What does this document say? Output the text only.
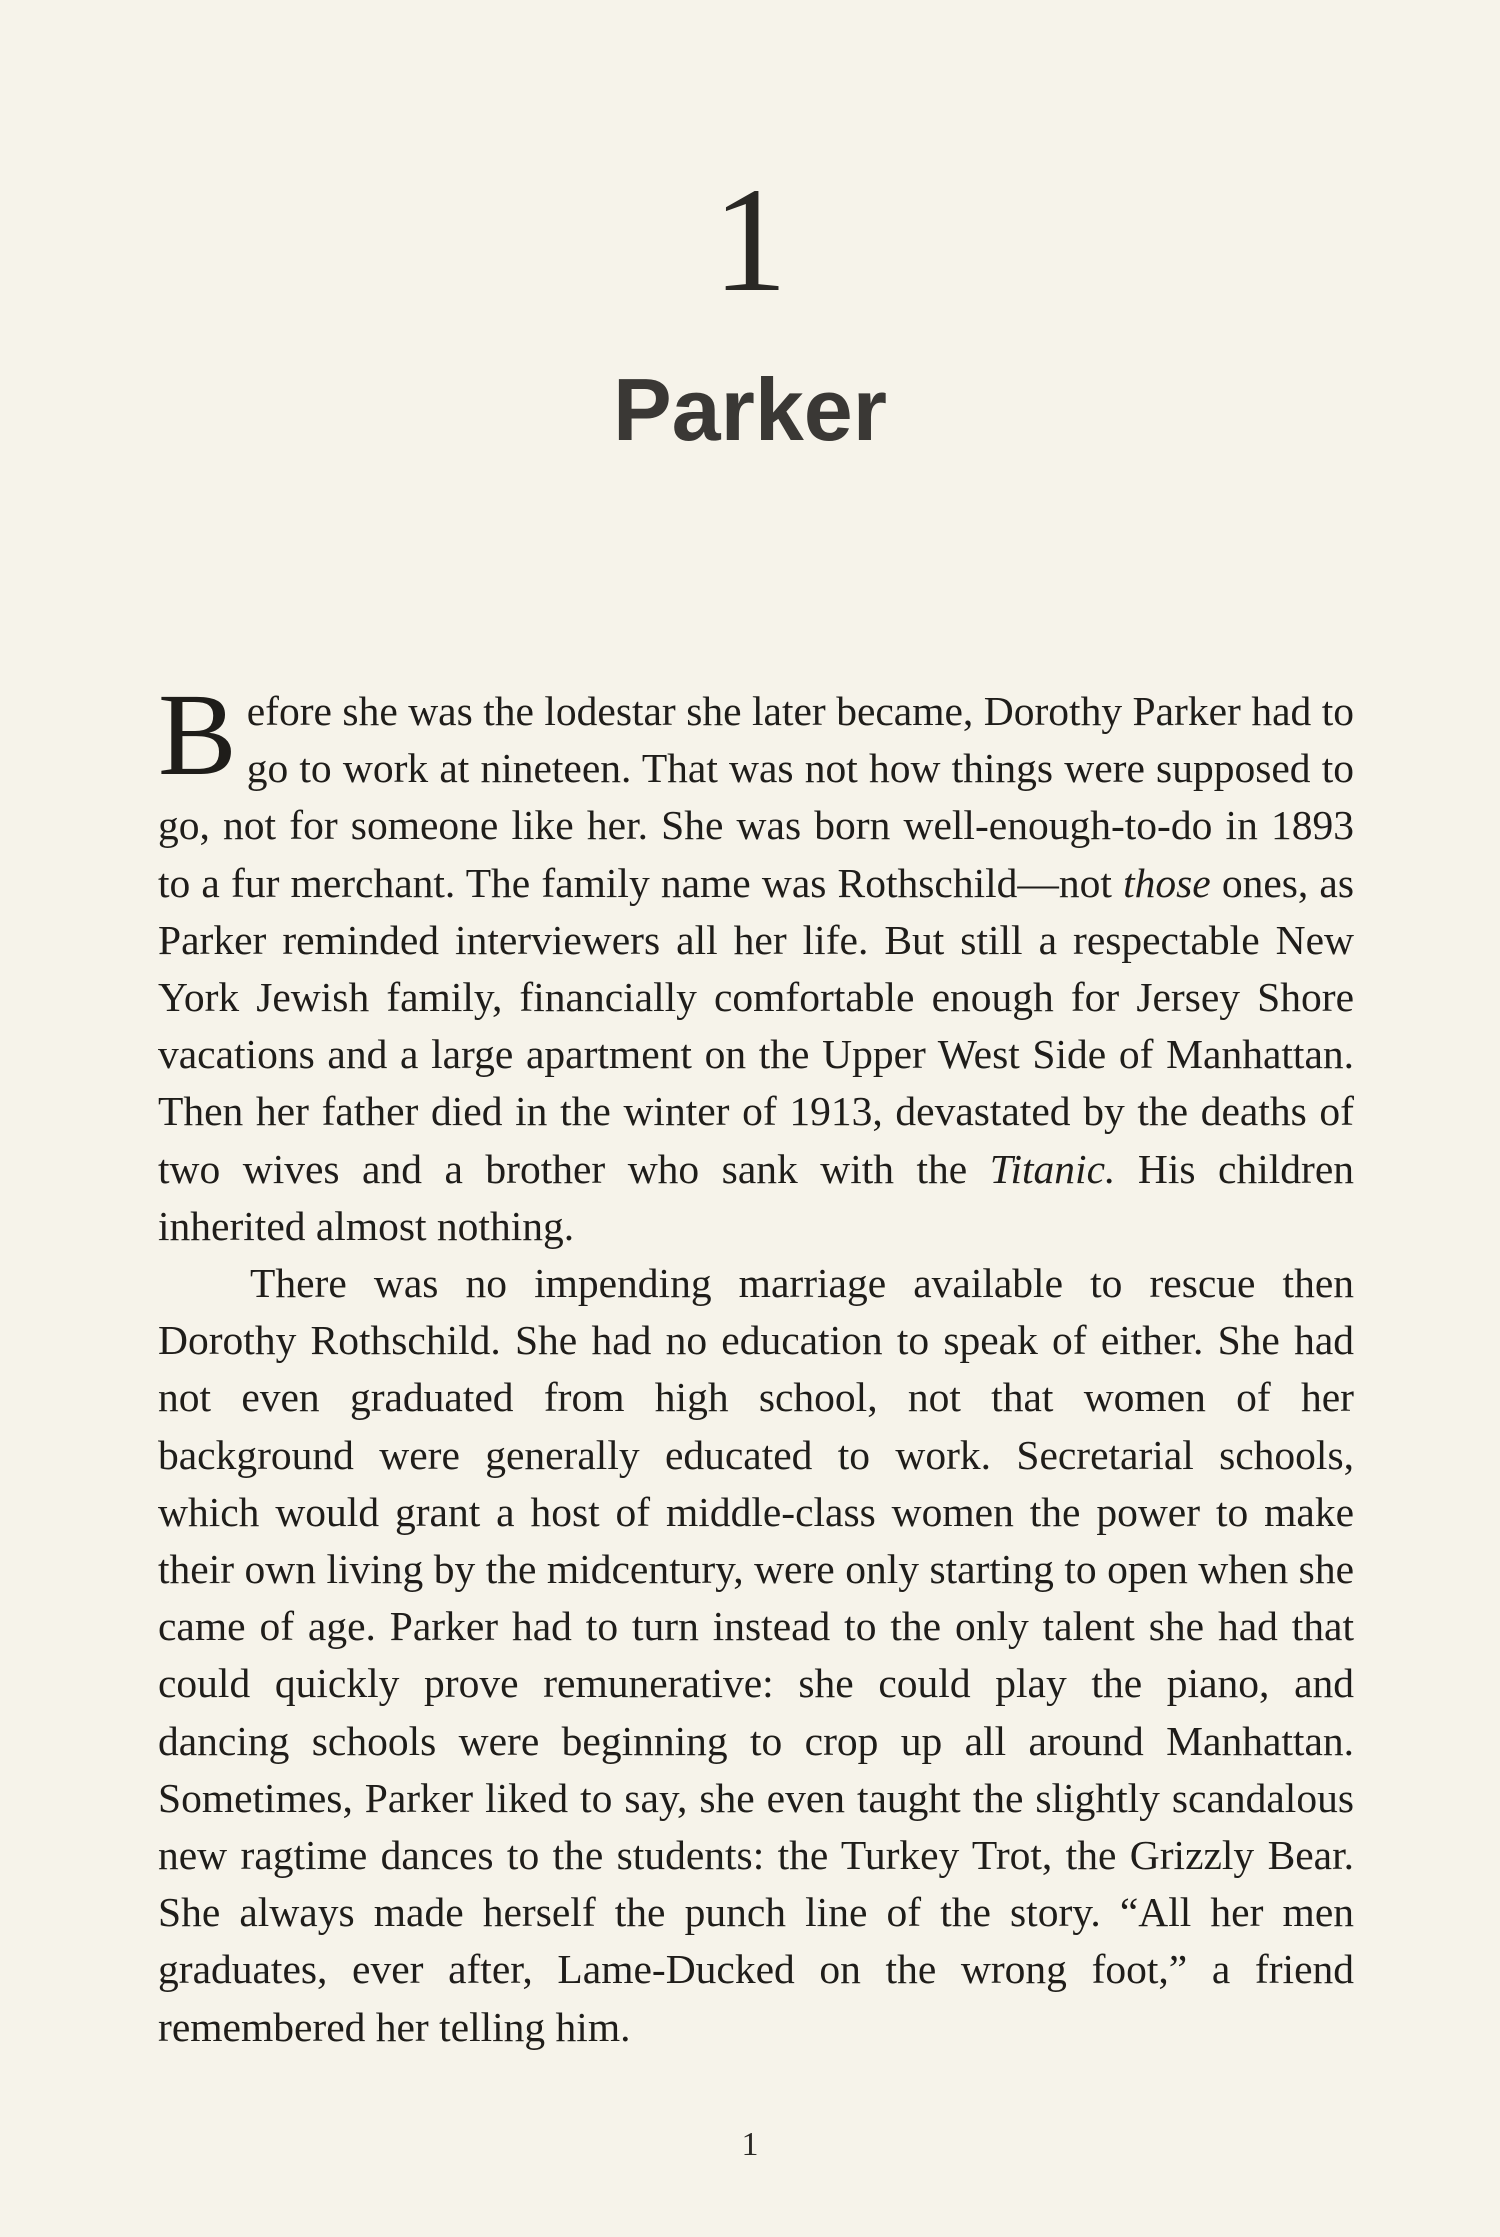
1
Parker

Before she was the lodestar she later became, Dorothy Parker had to go to work at nineteen. That was not how things were supposed to go, not for someone like her. She was born well-enough-to-do in 1893 to a fur merchant. The family name was Rothschild—not those ones, as Parker reminded interviewers all her life. But still a respectable New York Jewish family, financially comfortable enough for Jersey Shore vacations and a large apartment on the Upper West Side of Manhattan. Then her father died in the winter of 1913, devastated by the deaths of two wives and a brother who sank with the Titanic. His children inherited almost nothing.

There was no impending marriage available to rescue then Dorothy Rothschild. She had no education to speak of either. She had not even graduated from high school, not that women of her background were generally educated to work. Secretarial schools, which would grant a host of middle-class women the power to make their own living by the midcentury, were only starting to open when she came of age. Parker had to turn instead to the only talent she had that could quickly prove remunerative: she could play the piano, and dancing schools were beginning to crop up all around Manhattan. Sometimes, Parker liked to say, she even taught the slightly scandalous new ragtime dances to the students: the Turkey Trot, the Grizzly Bear. She always made herself the punch line of the story. “All her men graduates, ever after, Lame-Ducked on the wrong foot,” a friend remembered her telling him.

1
